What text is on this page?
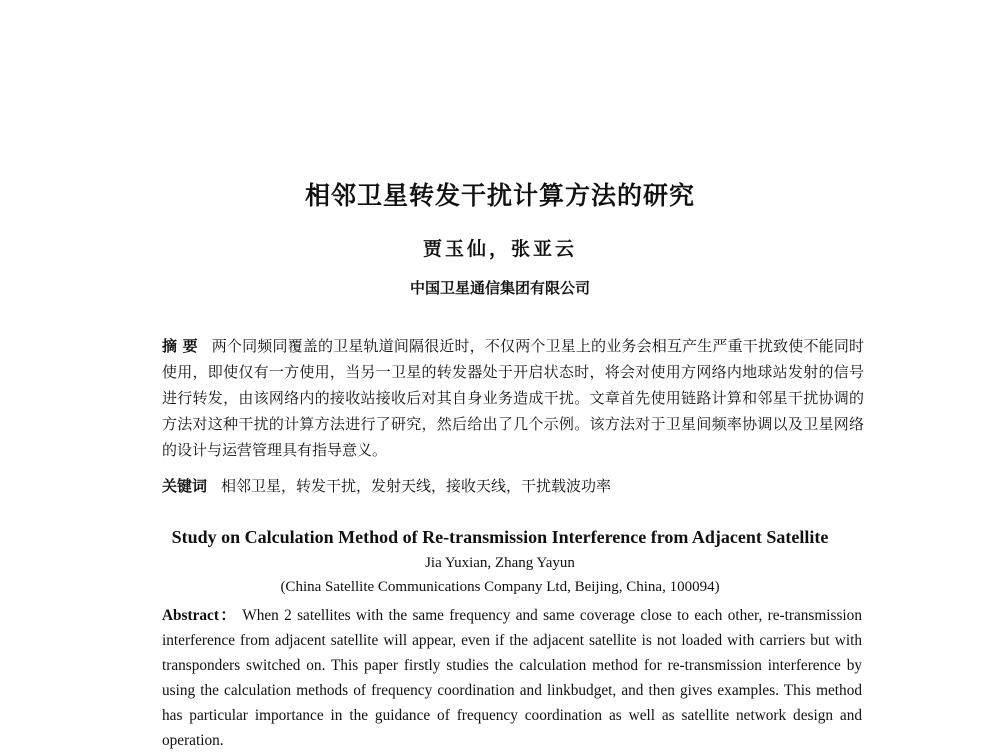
相邻卫星转发干扰计算方法的研究
贾玉仙，张亚云
中国卫星通信集团有限公司

摘 要 两个同频同覆盖的卫星轨道间隔很近时，不仅两个卫星上的业务会相互产生严重干扰致使不能同时使用，即使仅有一方使用，当另一卫星的转发器处于开启状态时，将会对使用方网络内地球站发射的信号进行转发，由该网络内的接收站接收后对其自身业务造成干扰。文章首先使用链路计算和邻星干扰协调的方法对这种干扰的计算方法进行了研究，然后给出了几个示例。该方法对于卫星间频率协调以及卫星网络的设计与运营管理具有指导意义。

关键词 相邻卫星，转发干扰，发射天线，接收天线，干扰载波功率

Study on Calculation Method of Re-transmission Interference from Adjacent Satellite
Jia Yuxian, Zhang Yayun
(China Satellite Communications Company Ltd, Beijing, China, 100094)

Abstract： When 2 satellites with the same frequency and same coverage close to each other, re-transmission interference from adjacent satellite will appear, even if the adjacent satellite is not loaded with carriers but with transponders switched on. This paper firstly studies the calculation method for re-transmission interference by using the calculation methods of frequency coordination and linkbudget, and then gives examples. This method has particular importance in the guidance of frequency coordination as well as satellite network design and operation.
